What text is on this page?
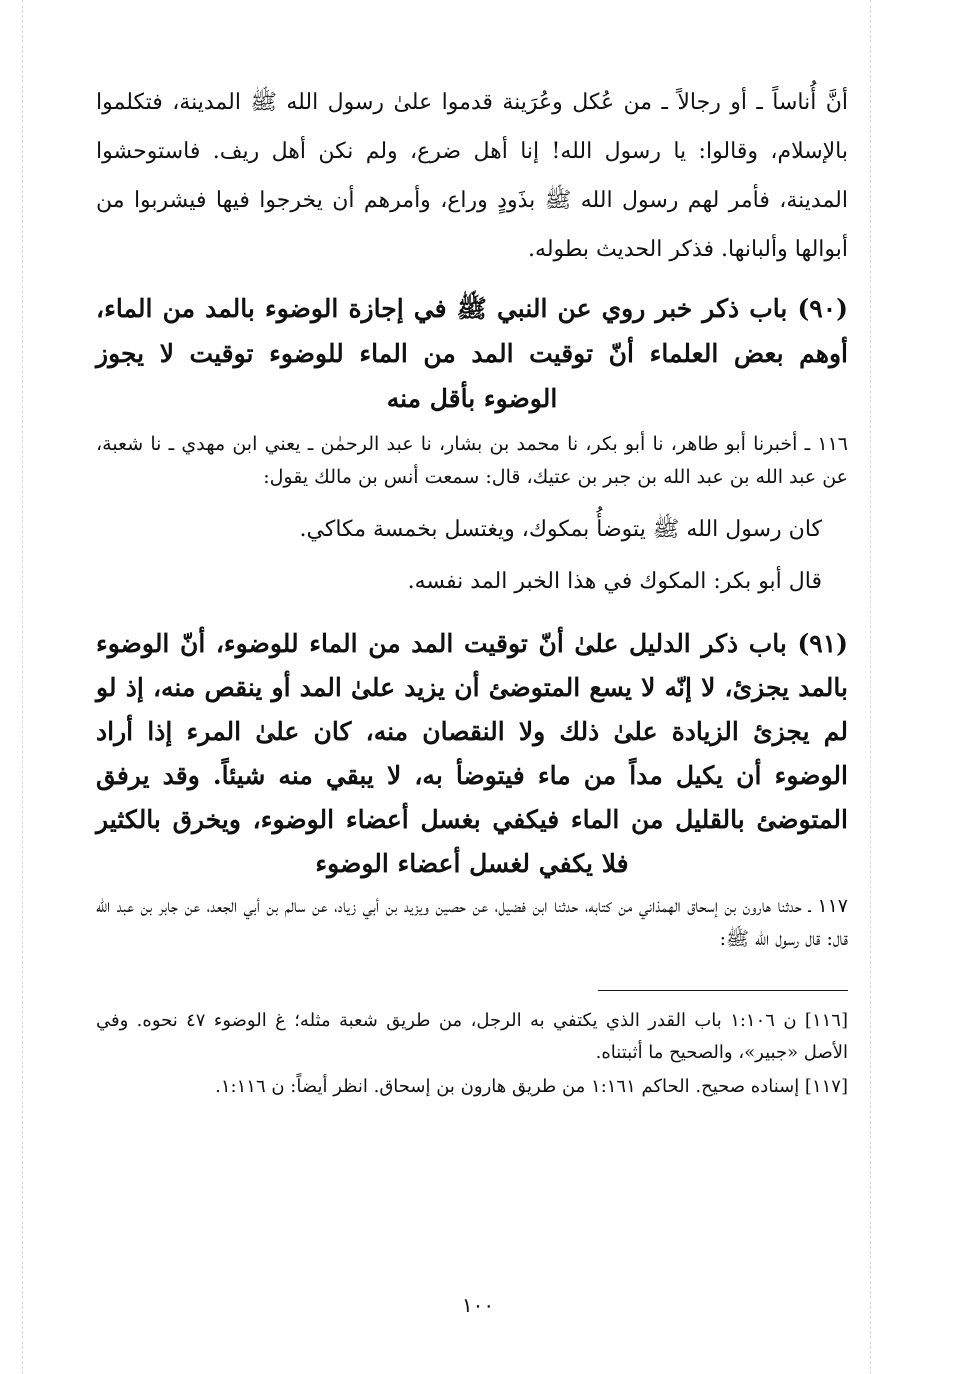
أنَّ أُناساً ـ أو رجالاً ـ من عُكل وعُرَينة قدموا علىٰ رسول الله ﷺ المدينة، فتكلموا بالإسلام، وقالوا: يا رسول الله! إنا أهل ضرع، ولم نكن أهل ريف. فاستوحشوا المدينة، فأمر لهم رسول الله ﷺ بذَودٍ وراع، وأمرهم أن يخرجوا فيها فيشربوا من أبوالها وألبانها. فذكر الحديث بطوله.

(٩٠) باب ذكر خبر روي عن النبي ﷺ في إجازة الوضوء بالمد من الماء، أوهم بعض العلماء أنّ توقيت المد من الماء للوضوء توقيت لا يجوز الوضوء بأقل منه

١١٦ ـ أخبرنا أبو طاهر، نا أبو بكر، نا محمد بن بشار، نا عبد الرحمٰن ـ يعني ابن مهدي ـ نا شعبة، عن عبد الله بن عبد الله بن جبر بن عتيك، قال: سمعت أنس بن مالك يقول:

كان رسول الله ﷺ يتوضأُ بمكوك، ويغتسل بخمسة مكاكي.

قال أبو بكر: المكوك في هذا الخبر المد نفسه.

(٩١) باب ذكر الدليل علىٰ أنّ توقيت المد من الماء للوضوء، أنّ الوضوء بالمد يجزئ، لا إنّه لا يسع المتوضئ أن يزيد علىٰ المد أو ينقص منه، إذ لو لم يجزئ الزيادة علىٰ ذلك ولا النقصان منه، كان علىٰ المرء إذا أراد الوضوء أن يكيل مداً من ماء فيتوضأ به، لا يبقي منه شيئاً. وقد يرفق المتوضئ بالقليل من الماء فيكفي بغسل أعضاء الوضوء، ويخرق بالكثير فلا يكفي لغسل أعضاء الوضوء

١١٧ ـ حدثنا هارون بن إسحاق الهمذاني من كتابه، حدثنا ابن فضيل، عن حصين ويزيد بن أبي زياد، عن سالم بن أبي الجعد، عن جابر بن عبد الله قال: قال رسول الله ﷺ:

[١١٦] ن ١:١٠٦ باب القدر الذي يكتفي به الرجل، من طريق شعبة مثله؛ غ الوضوء ٤٧ نحوه. وفي الأصل «جبير»، والصحيح ما أثبتناه.

[١١٧] إسناده صحيح. الحاكم ١:١٦١ من طريق هارون بن إسحاق. انظر أيضاً: ن ١:١١٦.

١٠٠
